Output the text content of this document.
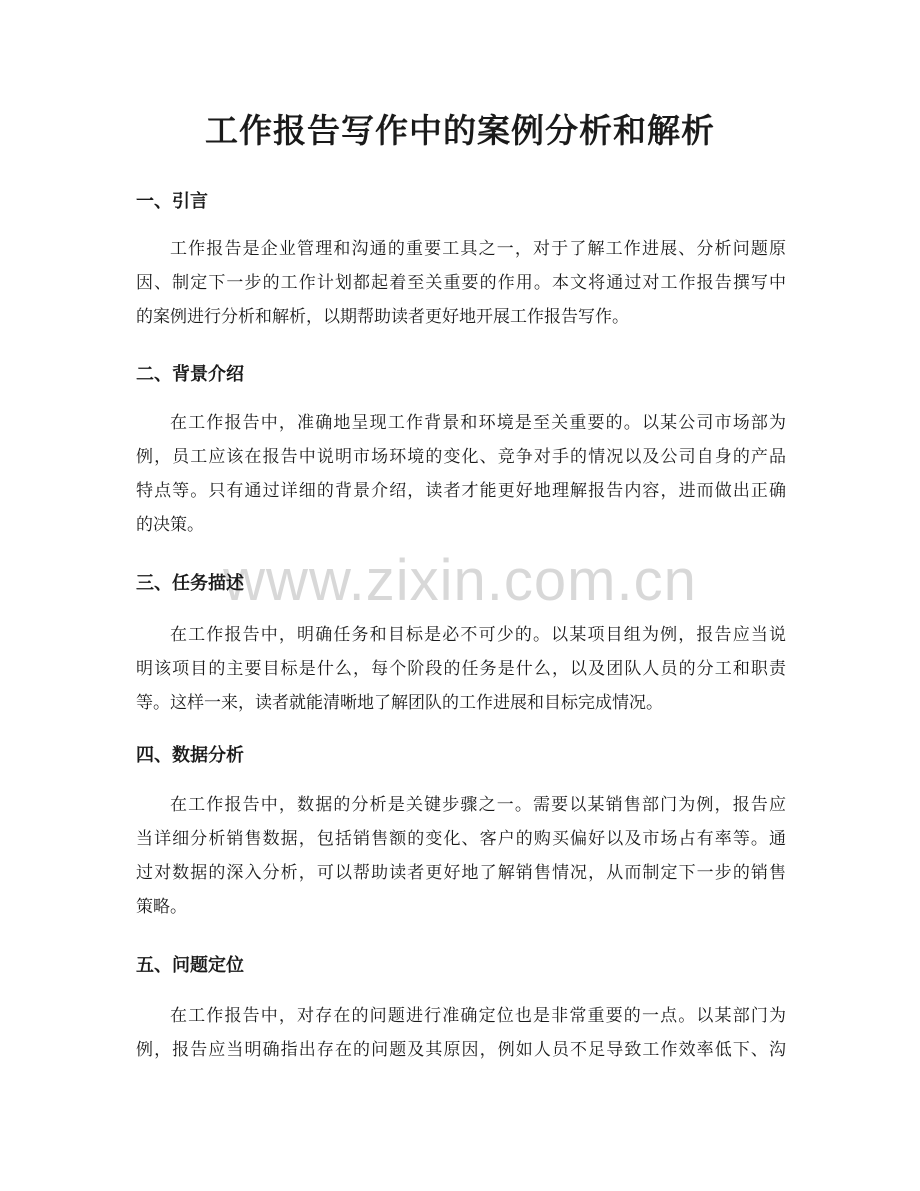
工作报告写作中的案例分析和解析
一、引言
工作报告是企业管理和沟通的重要工具之一，对于了解工作进展、分析问题原
因、制定下一步的工作计划都起着至关重要的作用。本文将通过对工作报告撰写中
的案例进行分析和解析，以期帮助读者更好地开展工作报告写作。
二、背景介绍
在工作报告中，准确地呈现工作背景和环境是至关重要的。以某公司市场部为
例，员工应该在报告中说明市场环境的变化、竞争对手的情况以及公司自身的产品
特点等。只有通过详细的背景介绍，读者才能更好地理解报告内容，进而做出正确
的决策。
www.zixin.com.cn
三、任务描述
在工作报告中，明确任务和目标是必不可少的。以某项目组为例，报告应当说
明该项目的主要目标是什么，每个阶段的任务是什么，以及团队人员的分工和职责
等。这样一来，读者就能清晰地了解团队的工作进展和目标完成情况。
四、数据分析
在工作报告中，数据的分析是关键步骤之一。需要以某销售部门为例，报告应
当详细分析销售数据，包括销售额的变化、客户的购买偏好以及市场占有率等。通
过对数据的深入分析，可以帮助读者更好地了解销售情况，从而制定下一步的销售
策略。
五、问题定位
在工作报告中，对存在的问题进行准确定位也是非常重要的一点。以某部门为
例，报告应当明确指出存在的问题及其原因，例如人员不足导致工作效率低下、沟
